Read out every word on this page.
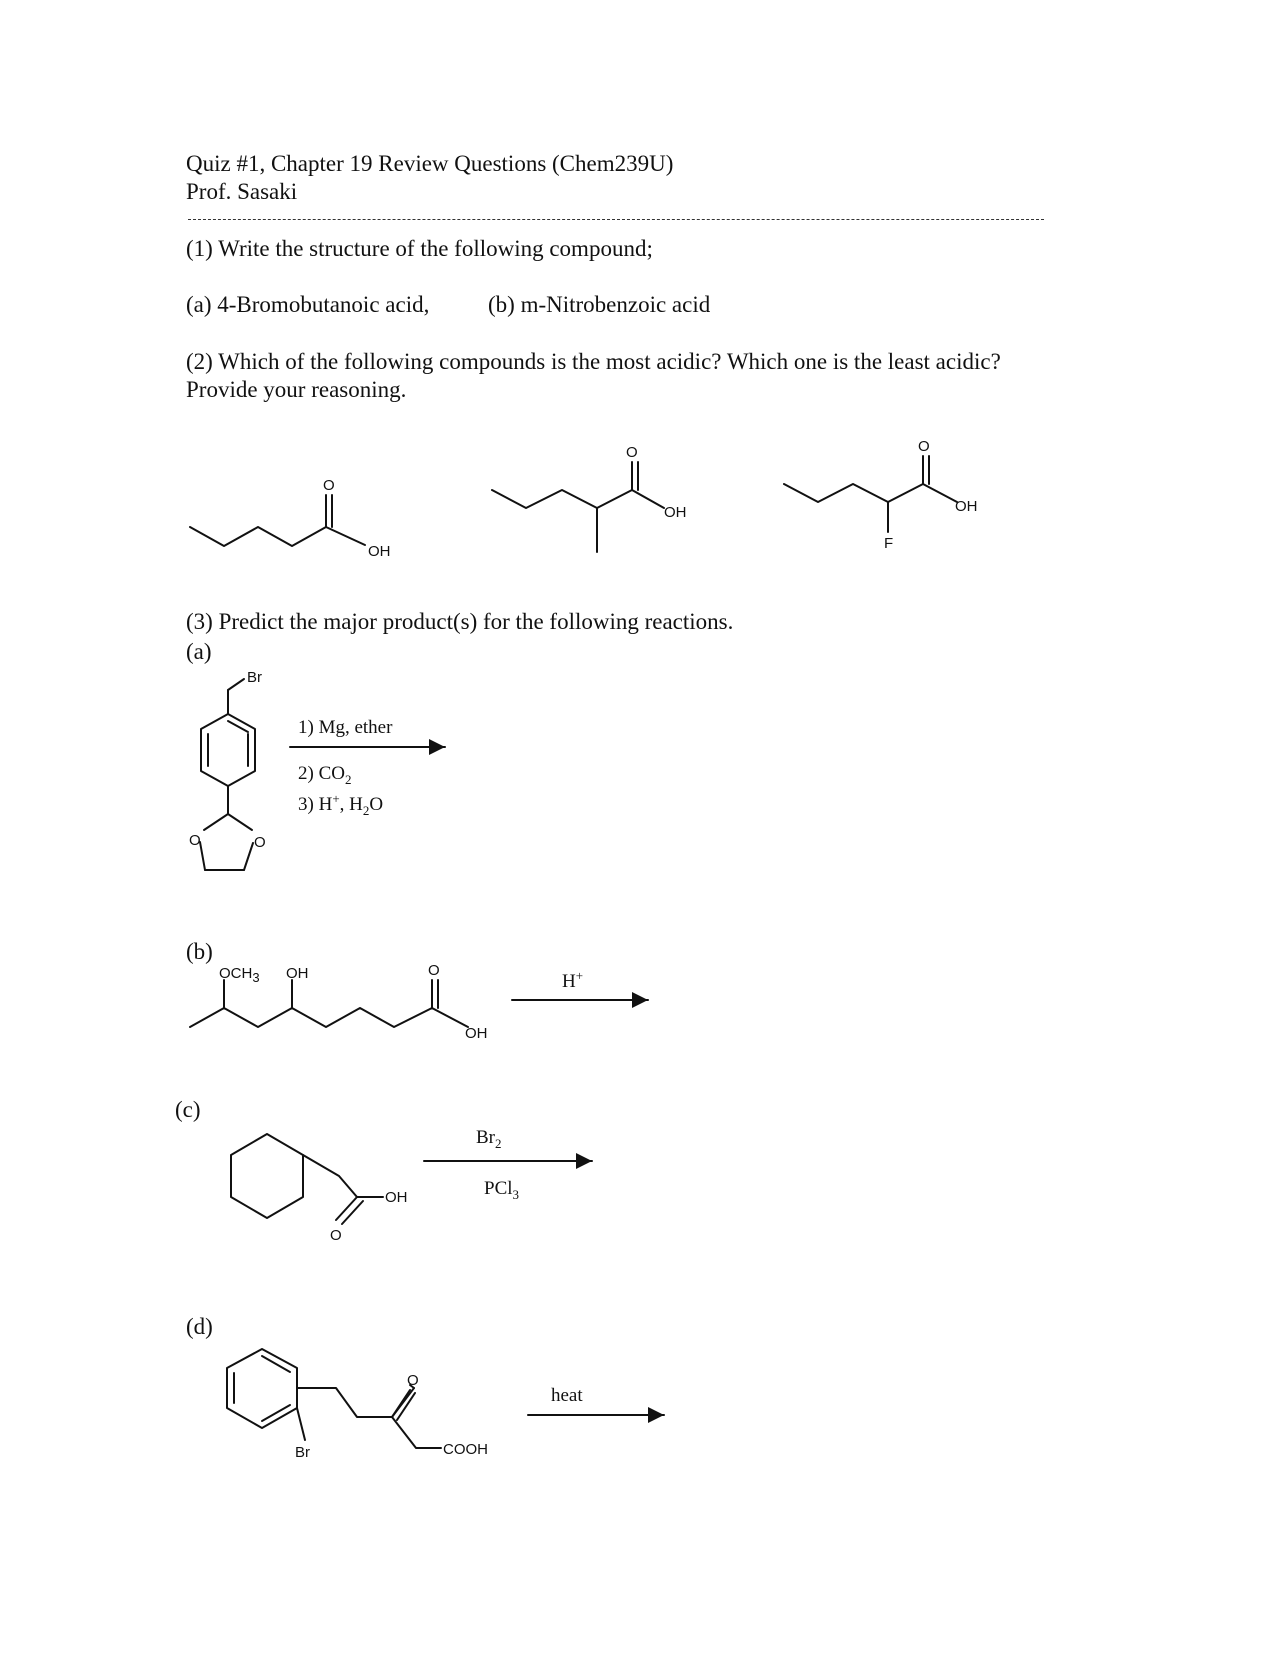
Quiz #1, Chapter 19 Review Questions (Chem239U)
Prof. Sasaki
(1) Write the structure of the following compound;
(a) 4-Bromobutanoic acid,	(b) m-Nitrobenzoic acid
(2) Which of the following compounds is the most acidic? Which one is the least acidic?
Provide your reasoning.
(3) Predict the major product(s) for the following reactions.
(a)
(b)
(c)
(d)
O
OH
O
OH
O
OH
F
Br
O	O
1) Mg, ether
2) $CO_2$
3) H+, $H_2O$
OCH3 OH	O
OH
H+
OH
O
$Br_2$
PCl$_3$
O
Br	COOH
heat
